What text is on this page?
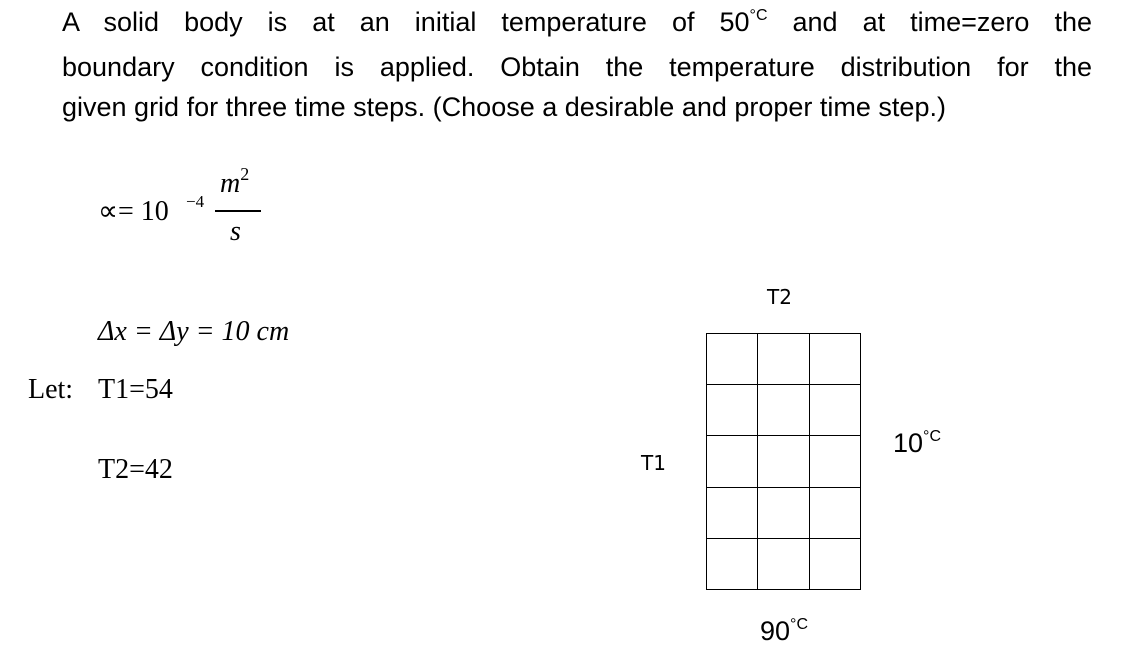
A solid body is at an initial temperature of $50^{^\circ C}$ and at time=zero the
boundary condition is applied. Obtain the temperature distribution for the
given grid for three time steps. (Choose a desirable and proper time step.)
∝= 10 −4
$m^2$
s
Δx = Δy = 10 cm
Let: T1=54
T2=42
T2
T1
$10^{^\circ C}$
$90^{^\circ C}$
